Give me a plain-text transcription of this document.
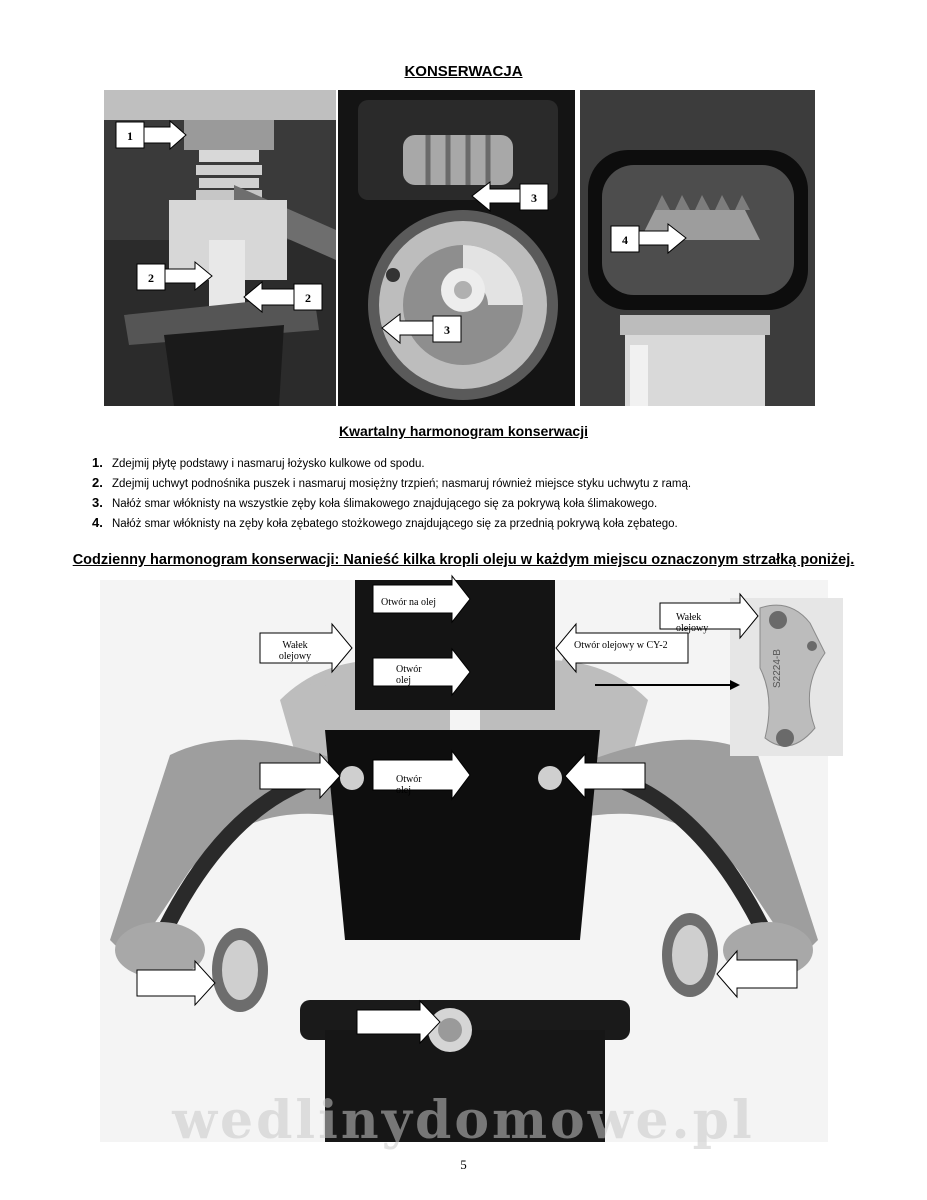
KONSERWACJA
1
2
2
3
3
4
Kwartalny harmonogram konserwacji
1. Zdejmij płytę podstawy i nasmaruj łożysko kulkowe od spodu.
2. Zdejmij uchwyt podnośnika puszek i nasmaruj mosiężny trzpień; nasmaruj również miejsce styku uchwytu z ramą.
3. Nałóż smar włóknisty na wszystkie zęby koła ślimakowego znajdującego się za pokrywą koła ślimakowego.
4. Nałóż smar włóknisty na zęby koła zębatego stożkowego znajdującego się za przednią pokrywą koła zębatego.
Codzienny harmonogram konserwacji: Nanieść kilka kropli oleju w każdym miejscu oznaczonym strzałką poniżej.
S2224-B
Otwór na olej
Wałek olejowy
Otwór olejowy w CY-2
Otwór olej
Otwór olej
Wałek olejowy
wedlinydomowe.pl
5
